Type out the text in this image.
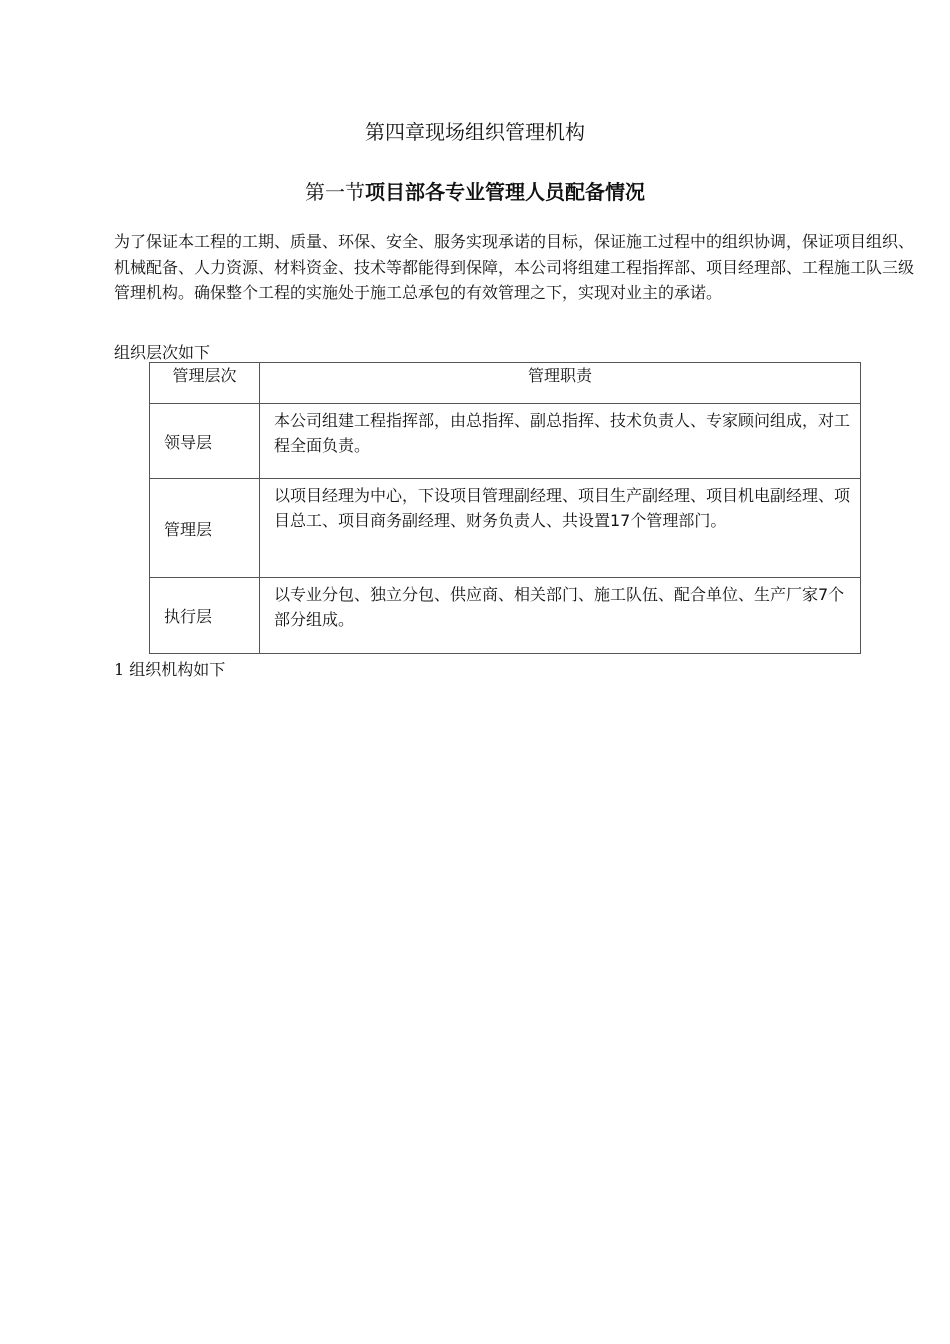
第四章现场组织管理机构
第一节项目部各专业管理人员配备情况

为了保证本工程的工期、质量、环保、安全、服务实现承诺的目标，保证施工过程中的组织协调，保证项目组织、机械配备、人力资源、材料资金、技术等都能得到保障，本公司将组建工程指挥部、项目经理部、工程施工队三级管理机构。确保整个工程的实施处于施工总承包的有效管理之下，实现对业主的承诺。

组织层次如下
管理层次	管理职责
领导层	本公司组建工程指挥部，由总指挥、副总指挥、技术负责人、专家顾问组成，对工程全面负责。
管理层	以项目经理为中心，下设项目管理副经理、项目生产副经理、项目机电副经理、项目总工、项目商务副经理、财务负责人、共设置17个管理部门。
执行层	以专业分包、独立分包、供应商、相关部门、施工队伍、配合单位、生产厂家7个部分组成。
1 组织机构如下
